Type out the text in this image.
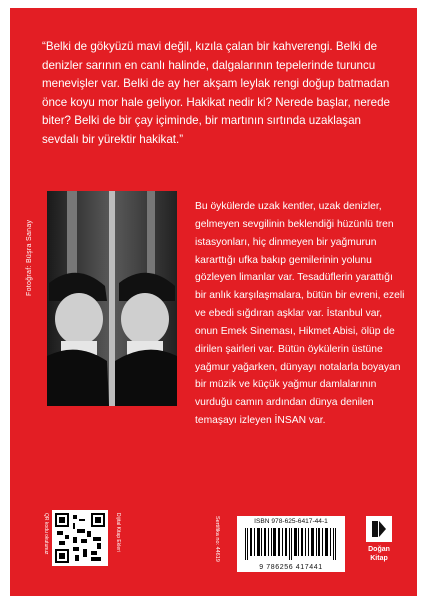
“Belki de gökyüzü mavi değil, kızıla çalan bir kahverengi. Belki de denizler sarının en canlı halinde, dalgalarının tepelerinde turuncu menevişler var. Belki de ay her akşam leylak rengi doğup batmadan önce koyu mor hale geliyor. Hakikat nedir ki? Nerede başlar, nerede biter? Belki de bir çay içiminde, bir martının sırtında uzaklaşan sevdalı bir yürektir hakikat.”

Fotoğraf: Büşra Sanay

Bu öykülerde uzak kentler, uzak denizler, gelmeyen sevgilinin beklendiği hüzünlü tren istasyonları, hiç dinmeyen bir yağmurun kararttığı ufka bakıp gemilerinin yolunu gözleyen limanlar var. Tesadüflerin yarattığı bir anlık karşılaşmalara, bütün bir evreni, ezeli ve ebedi sığdıran aşklar var. İstanbul var, onun Emek Sineması, Hikmet Abisi, ölüp de dirilen şairleri var. Bütün öykülerin üstüne yağmur yağarken, dünyayı notalarla boyayan bir müzik ve küçük yağmur damlalarının vurduğu camın ardından dünya denilen temaşayı izleyen İNSAN var.

QR kodu okutunuz	Dijital Kitap Ekleri	Sertifika no: 44619	ISBN 978-625-6417-44-1
9 786256 417441
Doğan
Kitap
